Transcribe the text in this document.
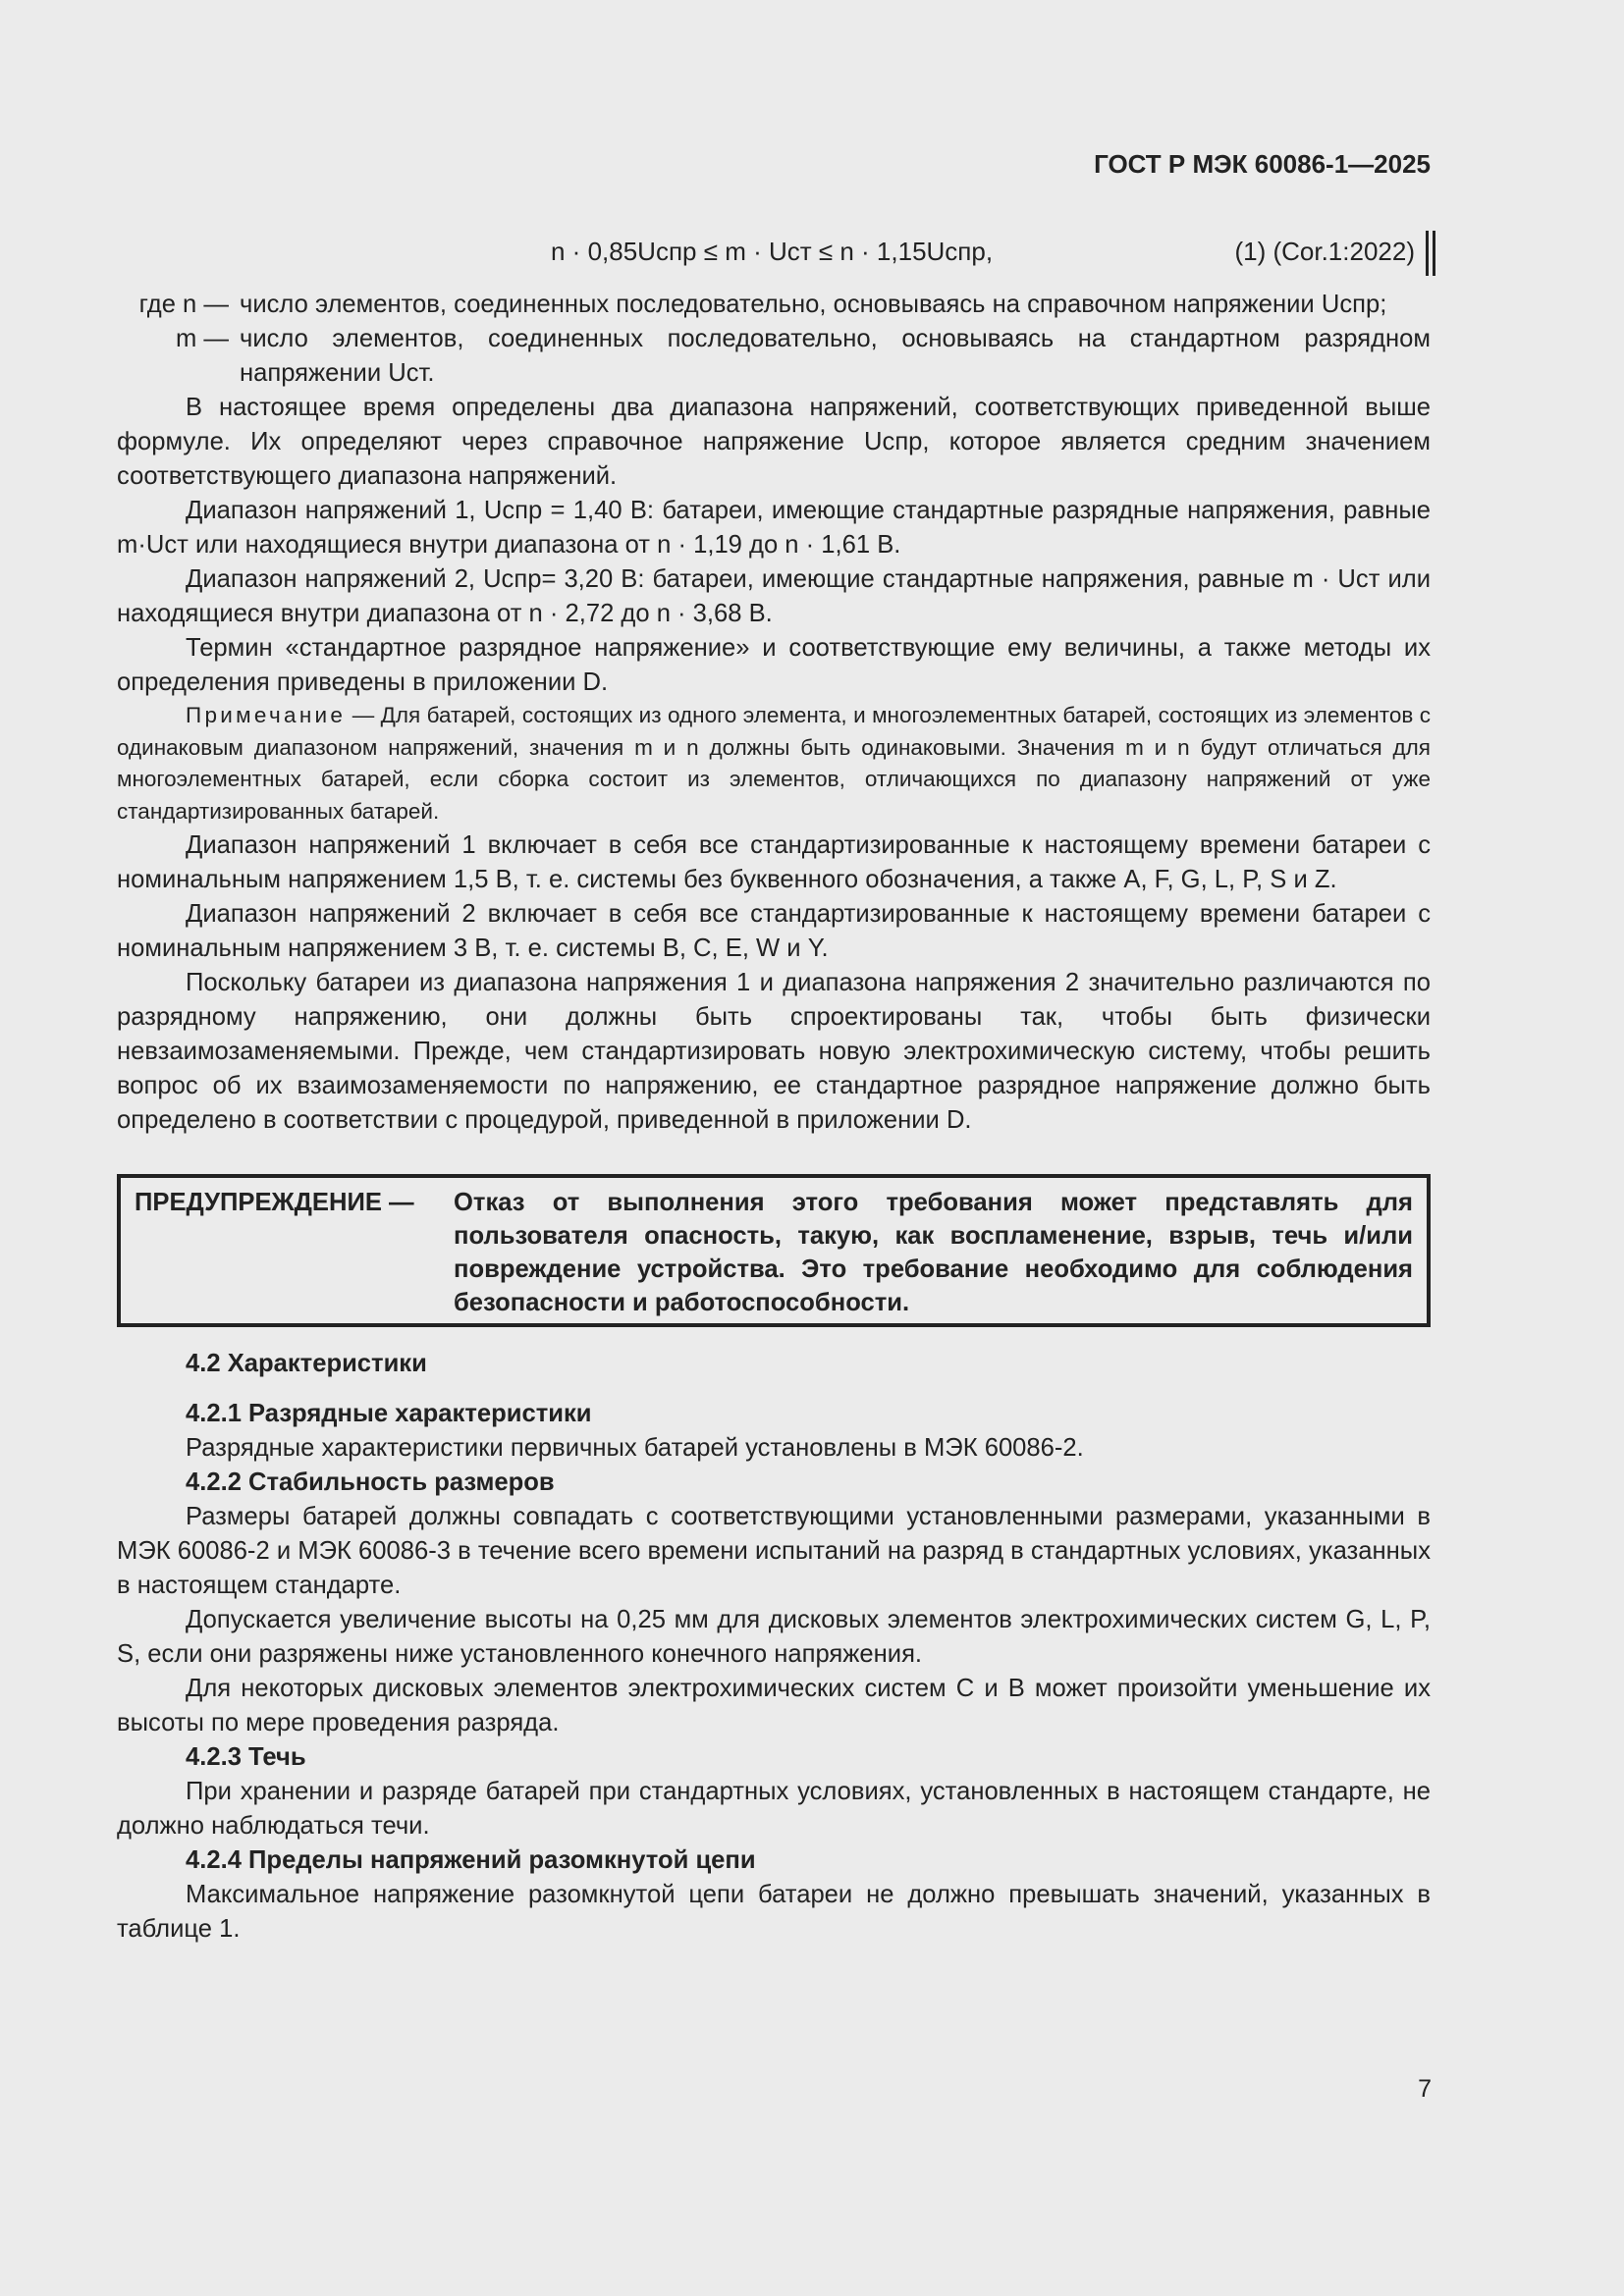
ГОСТ Р МЭК 60086-1—2025
n · 0,85Uспр ≤ m · Uст ≤ n · 1,15Uспр,	(1) (Cor.1:2022)
где n — число элементов, соединенных последовательно, основываясь на справочном напряжении Uспр;
m — число элементов, соединенных последовательно, основываясь на стандартном разрядном напряжении Uст.

В настоящее время определены два диапазона напряжений, соответствующих приведенной выше формуле. Их определяют через справочное напряжение Uспр, которое является средним значением соответствующего диапазона напряжений.

Диапазон напряжений 1, Uспр = 1,40 В: батареи, имеющие стандартные разрядные напряжения, равные m·Uст или находящиеся внутри диапазона от n · 1,19 до n · 1,61 В.

Диапазон напряжений 2, Uспр= 3,20 В: батареи, имеющие стандартные напряжения, равные m · Uст или находящиеся внутри диапазона от n · 2,72 до n · 3,68 В.

Термин «стандартное разрядное напряжение» и соответствующие ему величины, а также методы их определения приведены в приложении D.

Примечание — Для батарей, состоящих из одного элемента, и многоэлементных батарей, состоящих из элементов с одинаковым диапазоном напряжений, значения m и n должны быть одинаковыми. Значения m и n будут отличаться для многоэлементных батарей, если сборка состоит из элементов, отличающихся по диапазону напряжений от уже стандартизированных батарей.

Диапазон напряжений 1 включает в себя все стандартизированные к настоящему времени батареи с номинальным напряжением 1,5 В, т. е. системы без буквенного обозначения, а также A, F, G, L, P, S и Z.

Диапазон напряжений 2 включает в себя все стандартизированные к настоящему времени батареи с номинальным напряжением 3 В, т. е. системы B, C, E, W и Y.

Поскольку батареи из диапазона напряжения 1 и диапазона напряжения 2 значительно различаются по разрядному напряжению, они должны быть спроектированы так, чтобы быть физически невзаимозаменяемыми. Прежде, чем стандартизировать новую электрохимическую систему, чтобы решить вопрос об их взаимозаменяемости по напряжению, ее стандартное разрядное напряжение должно быть определено в соответствии с процедурой, приведенной в приложении D.

ПРЕДУПРЕЖДЕНИЕ —	Отказ от выполнения этого требования может представлять для пользователя опасность, такую, как воспламенение, взрыв, течь и/или повреждение устройства. Это требование необходимо для соблюдения безопасности и работоспособности.
4.2 Характеристики
4.2.1 Разрядные характеристики

Разрядные характеристики первичных батарей установлены в МЭК 60086-2.

4.2.2 Стабильность размеров

Размеры батарей должны совпадать с соответствующими установленными размерами, указанными в МЭК 60086-2 и МЭК 60086-3 в течение всего времени испытаний на разряд в стандартных условиях, указанных в настоящем стандарте.

Допускается увеличение высоты на 0,25 мм для дисковых элементов электрохимических систем G, L, P, S, если они разряжены ниже установленного конечного напряжения.

Для некоторых дисковых элементов электрохимических систем C и B может произойти уменьшение их высоты по мере проведения разряда.

4.2.3 Течь

При хранении и разряде батарей при стандартных условиях, установленных в настоящем стандарте, не должно наблюдаться течи.

4.2.4 Пределы напряжений разомкнутой цепи

Максимальное напряжение разомкнутой цепи батареи не должно превышать значений, указанных в таблице 1.

7
